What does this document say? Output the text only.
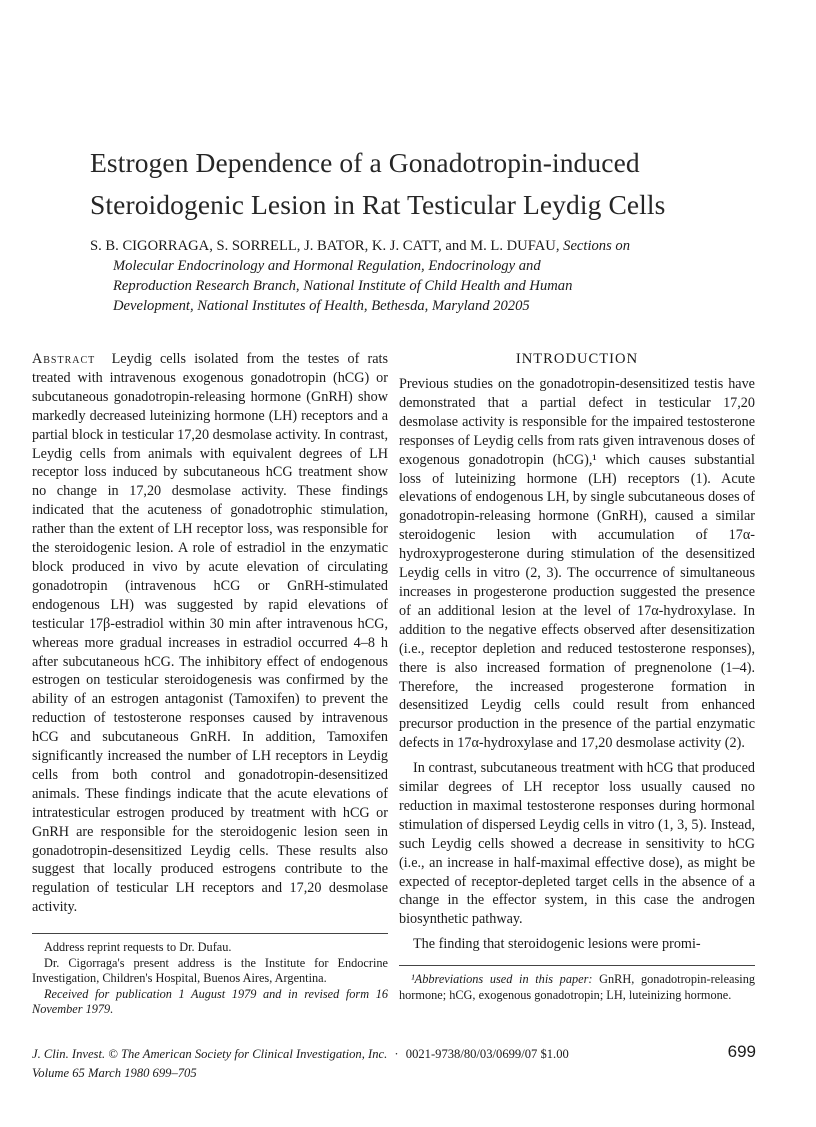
Estrogen Dependence of a Gonadotropin-induced
Steroidogenic Lesion in Rat Testicular Leydig Cells
S. B. CIGORRAGA, S. SORRELL, J. BATOR, K. J. CATT, and M. L. DUFAU, Sections on
Molecular Endocrinology and Hormonal Regulation, Endocrinology and
Reproduction Research Branch, National Institute of Child Health and Human
Development, National Institutes of Health, Bethesda, Maryland 20205

Abstract Leydig cells isolated from the testes of rats treated with intravenous exogenous gonadotropin (hCG) or subcutaneous gonadotropin-releasing hormone (GnRH) show markedly decreased luteinizing hormone (LH) receptors and a partial block in testicular 17,20 desmolase activity. In contrast, Leydig cells from animals with equivalent degrees of LH receptor loss induced by subcutaneous hCG treatment show no change in 17,20 desmolase activity. These findings indicated that the acuteness of gonadotrophic stimulation, rather than the extent of LH receptor loss, was responsible for the steroidogenic lesion. A role of estradiol in the enzymatic block produced in vivo by acute elevation of circulating gonadotropin (intravenous hCG or GnRH-stimulated endogenous LH) was suggested by rapid elevations of testicular 17β-estradiol within 30 min after intravenous hCG, whereas more gradual increases in estradiol occurred 4–8 h after subcutaneous hCG. The inhibitory effect of endogenous estrogen on testicular steroidogenesis was confirmed by the ability of an estrogen antagonist (Tamoxifen) to prevent the reduction of testosterone responses caused by intravenous hCG and subcutaneous GnRH. In addition, Tamoxifen significantly increased the number of LH receptors in Leydig cells from both control and gonadotropin-desensitized animals. These findings indicate that the acute elevations of intratesticular estrogen produced by treatment with hCG or GnRH are responsible for the steroidogenic lesion seen in gonadotropin-desensitized Leydig cells. These results also suggest that locally produced estrogens contribute to the regulation of testicular LH receptors and 17,20 desmolase activity.

INTRODUCTION

Previous studies on the gonadotropin-desensitized testis have demonstrated that a partial defect in testicular 17,20 desmolase activity is responsible for the impaired testosterone responses of Leydig cells from rats given intravenous doses of exogenous gonadotropin (hCG),¹ which causes substantial loss of luteinizing hormone (LH) receptors (1). Acute elevations of endogenous LH, by single subcutaneous doses of gonadotropin-releasing hormone (GnRH), caused a similar steroidogenic lesion with accumulation of 17α-hydroxyprogesterone during stimulation of the desensitized Leydig cells in vitro (2, 3). The occurrence of simultaneous increases in progesterone production suggested the presence of an additional lesion at the level of 17α-hydroxylase. In addition to the negative effects observed after desensitization (i.e., receptor depletion and reduced testosterone responses), there is also increased formation of pregnenolone (1–4). Therefore, the increased progesterone formation in desensitized Leydig cells could result from enhanced precursor production in the presence of the partial enzymatic defects in 17α-hydroxylase and 17,20 desmolase activity (2).

In contrast, subcutaneous treatment with hCG that produced similar degrees of LH receptor loss usually caused no reduction in maximal testosterone responses during hormonal stimulation of dispersed Leydig cells in vitro (1, 3, 5). Instead, such Leydig cells showed a decrease in sensitivity to hCG (i.e., an increase in half-maximal effective dose), as might be expected of receptor-depleted target cells in the absence of a change in the effector system, in this case the androgen biosynthetic pathway.

The finding that steroidogenic lesions were promi-

Address reprint requests to Dr. Dufau.

Dr. Cigorraga's present address is the Institute for Endocrine Investigation, Children's Hospital, Buenos Aires, Argentina.

Received for publication 1 August 1979 and in revised form 16 November 1979.

¹Abbreviations used in this paper: GnRH, gonadotropin-releasing hormone; hCG, exogenous gonadotropin; LH, luteinizing hormone.

J. Clin. Invest. © The American Society for Clinical Investigation, Inc. · 0021-9738/80/03/0699/07 $1.00	699
Volume 65 March 1980 699–705
